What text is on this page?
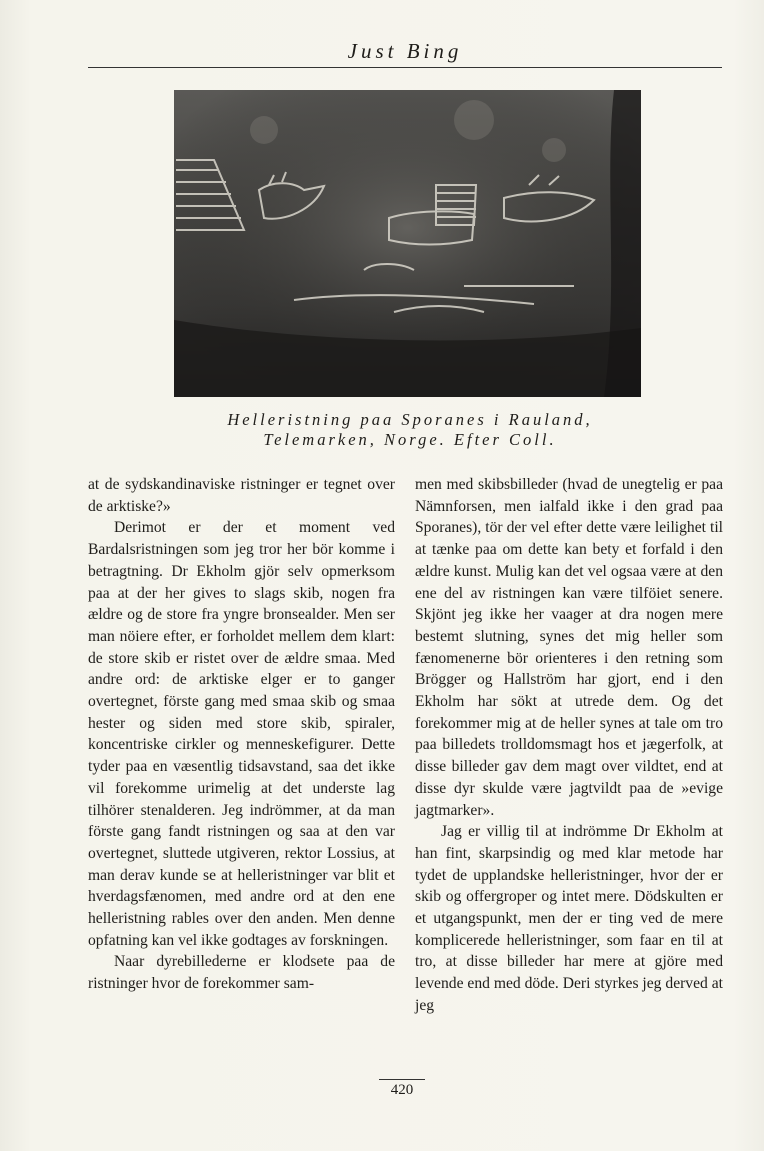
Just Bing
Helleristning paa Sporanes i Rauland,
Telemarken, Norge. Efter Coll.

at de sydskandinaviske ristninger er tegnet over de arktiske?»

Derimot er der et moment ved Bardalsristningen som jeg tror her bör komme i betragtning. Dr Ekholm gjör selv opmerksom paa at der her gives to slags skib, nogen fra ældre og de store fra yngre bronsealder. Men ser man nöiere efter, er forholdet mellem dem klart: de store skib er ristet over de ældre smaa. Med andre ord: de arktiske elger er to ganger overtegnet, förste gang med smaa skib og smaa hester og siden med store skib, spiraler, koncentriske cirkler og menneskefigurer. Dette tyder paa en væsentlig tidsavstand, saa det ikke vil forekomme urimelig at det underste lag tilhörer stenalderen. Jeg indrömmer, at da man förste gang fandt ristningen og saa at den var overtegnet, sluttede utgiveren, rektor Lossius, at man derav kunde se at helleristninger var blit et hverdagsfænomen, med andre ord at den ene helleristning rables over den anden. Men denne opfatning kan vel ikke godtages av forskningen.

Naar dyrebillederne er klodsete paa de ristninger hvor de forekommer sam-

men med skibsbilleder (hvad de unegtelig er paa Nämnforsen, men ialfald ikke i den grad paa Sporanes), tör der vel efter dette være leilighet til at tænke paa om dette kan bety et forfald i den ældre kunst. Mulig kan det vel ogsaa være at den ene del av ristningen kan være tilföiet senere. Skjönt jeg ikke her vaager at dra nogen mere bestemt slutning, synes det mig heller som fænomenerne bör orienteres i den retning som Brögger og Hallström har gjort, end i den Ekholm har sökt at utrede dem. Og det forekommer mig at de heller synes at tale om tro paa billedets trolldomsmagt hos et jægerfolk, at disse billeder gav dem magt over vildtet, end at disse dyr skulde være jagtvildt paa de »evige jagtmarker».

Jag er villig til at indrömme Dr Ekholm at han fint, skarpsindig og med klar metode har tydet de upplandske helleristninger, hvor der er skib og offergroper og intet mere. Dödskulten er et utgangspunkt, men der er ting ved de mere komplicerede helleristninger, som faar en til at tro, at disse billeder har mere at gjöre med levende end med döde. Deri styrkes jeg derved at jeg

420
